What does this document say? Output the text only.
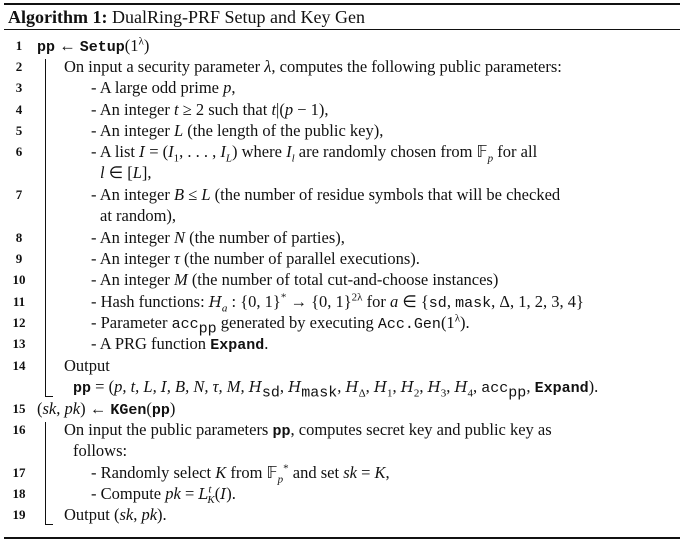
Algorithm 1: DualRing-PRF Setup and Key Gen
1 pp ← $Setup(1^\lambda)$
2	On input a security parameter λ, computes the following public parameters:
3	- A large odd prime p,
4	- An integer t ≥ 2 such that t|(p − 1),
5	- An integer L (the length of the public key),
6	- A list $I = (I_1$, . . . , $I_L$) where $I_l$ are randomly chosen from 𝔽$_p$ for all
l ∈ [L],
7	- An integer B ≤ L (the number of residue symbols that will be checked
at random),
8	- An integer N (the number of parties),
9	- An integer τ (the number of parallel executions).
10	- An integer M (the number of total cut-and-choose instances)
11	- Hash functions: $H_a$ : {0, 1}* → {0, 1}$^{2\lambda}$ for a ∈ {sd, mask, Δ, 1, 2, 3, 4}
12	- Parameter acc$_{pp}$ generated by executing $Acc.Gen(1^\lambda)$.
13	- A PRG function Expand.
14 Output
pp = (p, t, L, I, B, N, τ, M, $H_{sd}$, $H_{mask}$, $H_\Delta$, $H_1$, $H_2$, $H_3$, $H_4$, acc$_{pp}$, Expand).
15 (sk, pk) ← KGen(pp)
16 On input the public parameters pp, computes secret key and public key as
follows:
17	- Randomly select K from 𝔽$_p$* and set sk = K,
18	- Compute pk = $L^t_K(I)$.
19 Output (sk, pk).
